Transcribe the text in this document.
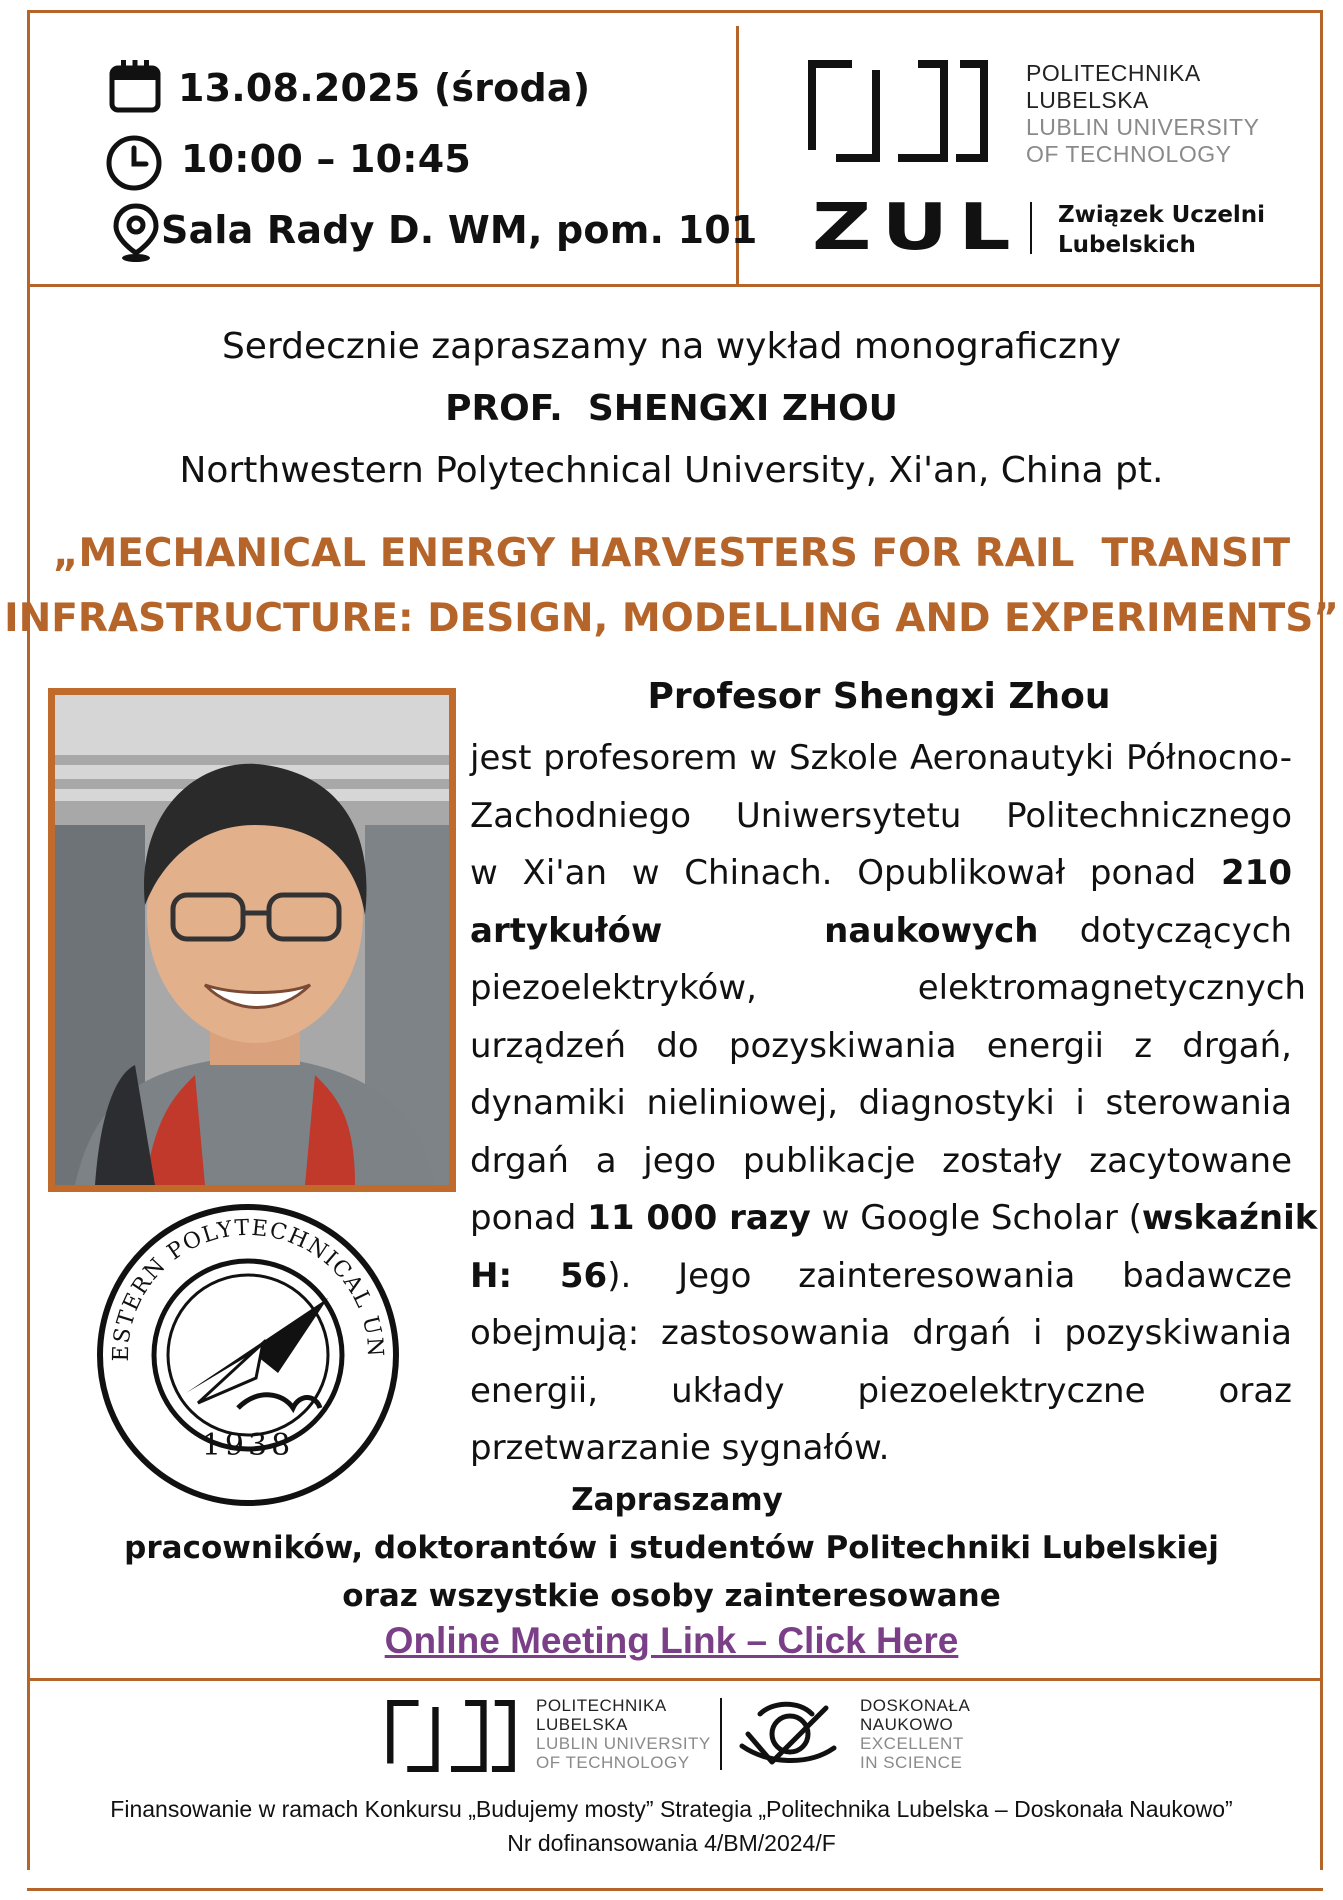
13.08.2025 (środa)
10:00 – 10:45
Sala Rady D. WM, pom. 101
POLITECHNIKA
LUBELSKA
LUBLIN UNIVERSITY
OF TECHNOLOGY
ZUL Związek Uczelni
Lubelskich
Serdecznie zapraszamy na wykład monograficzny
PROF.  SHENGXI ZHOU
Northwestern Polytechnical University, Xi'an, China pt.
„MECHANICAL ENERGY HARVESTERS FOR RAIL  TRANSIT
INFRASTRUCTURE: DESIGN, MODELLING AND EXPERIMENTS”
ESTERN POLYTECHNICAL UN
1938
Profesor Shengxi Zhou
jest profesorem w Szkole Aeronautyki Północno-
Zachodniego Uniwersytetu Politechnicznego
w Xi'an w Chinach. Opublikował ponad 210
artykułów naukowych dotyczących
piezoelektryków, elektromagnetycznych
urządzeń do pozyskiwania energii z drgań,
dynamiki nieliniowej, diagnostyki i sterowania
drgań a jego publikacje zostały zacytowane
ponad 11 000 razy w Google Scholar (wskaźnik
H: 56). Jego zainteresowania badawcze
obejmują: zastosowania drgań i pozyskiwania
energii, układy piezoelektryczne oraz
przetwarzanie sygnałów.
Zapraszamy
pracowników, doktorantów i studentów Politechniki Lubelskiej
oraz wszystkie osoby zainteresowane
Online Meeting Link – Click Here
POLITECHNIKA
LUBELSKA
LUBLIN UNIVERSITY
OF TECHNOLOGY
DOSKONAŁA
NAUKOWO
EXCELLENT
IN SCIENCE
Finansowanie w ramach Konkursu „Budujemy mosty” Strategia „Politechnika Lubelska – Doskonała Naukowo”
Nr dofinansowania 4/BM/2024/F
